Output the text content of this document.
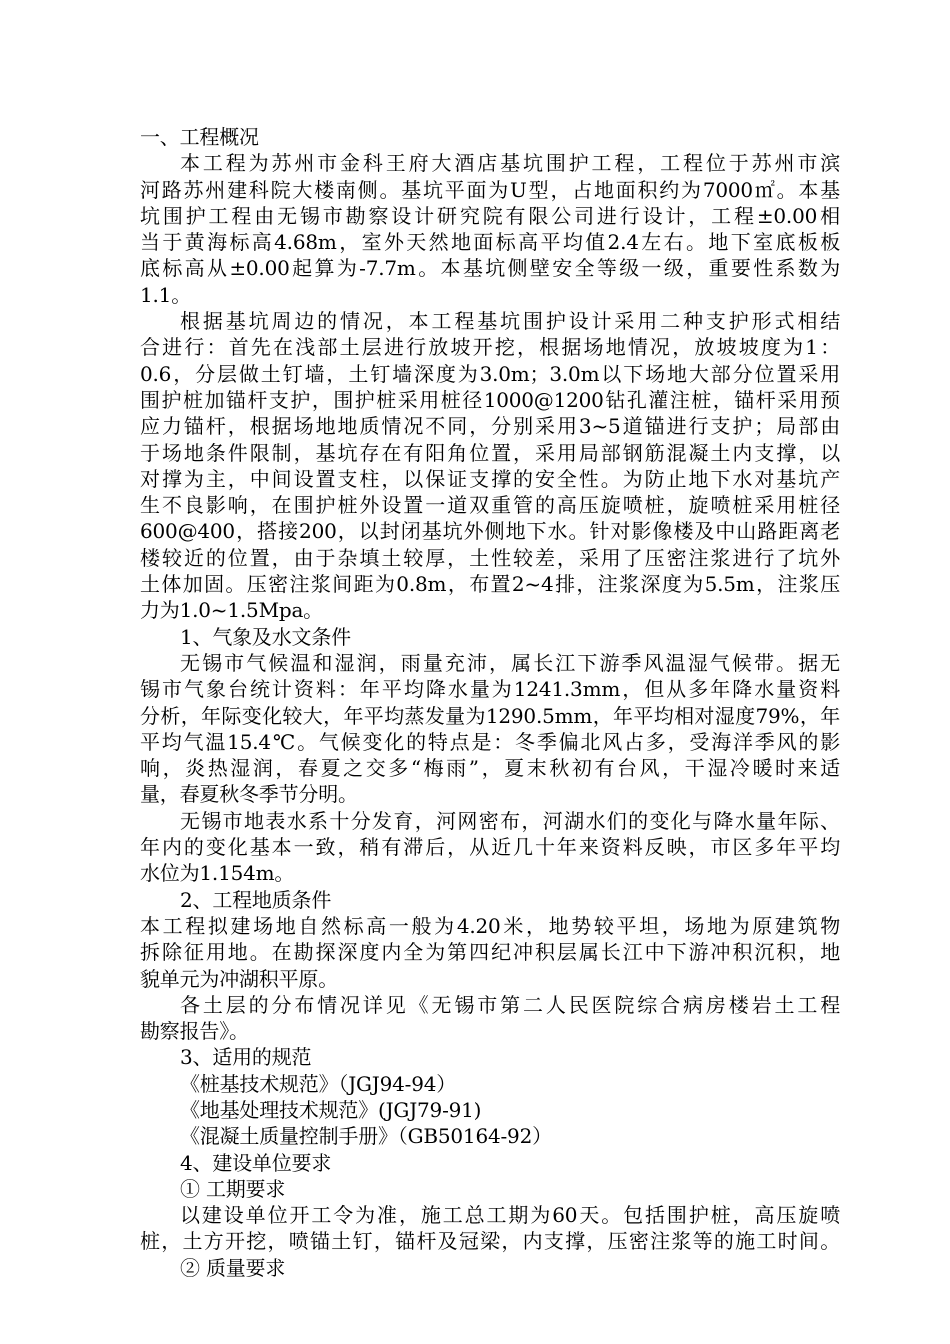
一、工程概况
本工程为苏州市金科王府大酒店基坑围护工程，工程位于苏州市滨
河路苏州建科院大楼南侧。基坑平面为U型，占地面积约为7000㎡。本基
坑围护工程由无锡市勘察设计研究院有限公司进行设计，工程±0.00相
当于黄海标高4.68m，室外天然地面标高平均值2.4左右。地下室底板板
底标高从±0.00起算为-7.7m。本基坑侧壁安全等级一级，重要性系数为
1.1。
根据基坑周边的情况，本工程基坑围护设计采用二种支护形式相结
合进行：首先在浅部土层进行放坡开挖，根据场地情况，放坡坡度为1：
0.6，分层做土钉墙，土钉墙深度为3.0m；3.0m以下场地大部分位置采用
围护桩加锚杆支护，围护桩采用桩径1000@1200钻孔灌注桩，锚杆采用预
应力锚杆，根据场地地质情况不同，分别采用3~5道锚进行支护；局部由
于场地条件限制，基坑存在有阳角位置，采用局部钢筋混凝土内支撑，以
对撑为主，中间设置支柱，以保证支撑的安全性。为防止地下水对基坑产
生不良影响，在围护桩外设置一道双重管的高压旋喷桩，旋喷桩采用桩径
600@400，搭接200，以封闭基坑外侧地下水。针对影像楼及中山路距离老
楼较近的位置，由于杂填土较厚，土性较差，采用了压密注浆进行了坑外
土体加固。压密注浆间距为0.8m，布置2~4排，注浆深度为5.5m，注浆压
力为1.0~1.5Mpa。
1、气象及水文条件
无锡市气候温和湿润，雨量充沛，属长江下游季风温湿气候带。据无
锡市气象台统计资料：年平均降水量为1241.3mm，但从多年降水量资料
分析，年际变化较大，年平均蒸发量为1290.5mm，年平均相对湿度79%，年
平均气温15.4℃。气候变化的特点是：冬季偏北风占多，受海洋季风的影
响，炎热湿润，春夏之交多“梅雨”，夏末秋初有台风，干湿冷暖时来适
量，春夏秋冬季节分明。
无锡市地表水系十分发育，河网密布，河湖水们的变化与降水量年际、
年内的变化基本一致，稍有滞后，从近几十年来资料反映，市区多年平均
水位为1.154m。
2、工程地质条件
本工程拟建场地自然标高一般为4.20米，地势较平坦，场地为原建筑物
拆除征用地。在勘探深度内全为第四纪冲积层属长江中下游冲积沉积，地
貌单元为冲湖积平原。
各土层的分布情况详见《无锡市第二人民医院综合病房楼岩土工程
勘察报告》。
3、适用的规范
《桩基技术规范》（JGJ94-94）
《地基处理技术规范》(JGJ79-91)
《混凝土质量控制手册》（GB50164-92）
4、建设单位要求
① 工期要求
以建设单位开工令为准，施工总工期为60天。包括围护桩，高压旋喷
桩，土方开挖，喷锚土钉，锚杆及冠梁，内支撑，压密注浆等的施工时间。
② 质量要求
